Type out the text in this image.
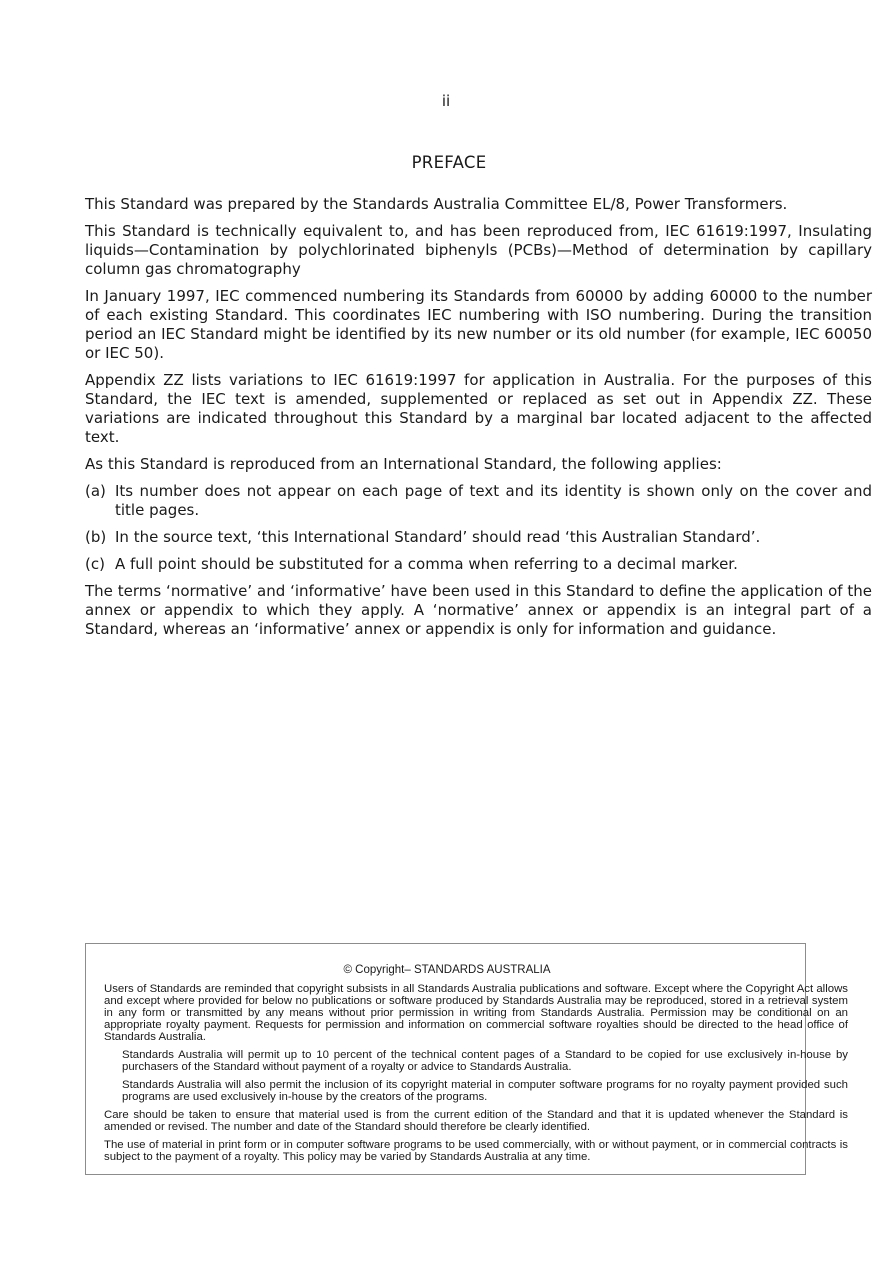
ii
PREFACE

This Standard was prepared by the Standards Australia Committee EL/8, Power Transformers.

This Standard is technically equivalent to, and has been reproduced from, IEC 61619:1997, Insulating liquids—Contamination by polychlorinated biphenyls (PCBs)—Method of determination by capillary column gas chromatography

In January 1997, IEC commenced numbering its Standards from 60000 by adding 60000 to the number of each existing Standard. This coordinates IEC numbering with ISO numbering. During the transition period an IEC Standard might be identified by its new number or its old number (for example, IEC 60050 or IEC 50).

Appendix ZZ lists variations to IEC 61619:1997 for application in Australia. For the purposes of this Standard, the IEC text is amended, supplemented or replaced as set out in Appendix ZZ. These variations are indicated throughout this Standard by a marginal bar located adjacent to the affected text.

As this Standard is reproduced from an International Standard, the following applies:

(a) Its number does not appear on each page of text and its identity is shown only on the cover and title pages.

(b) In the source text, ‘this International Standard’ should read ‘this Australian Standard’.

(c) A full point should be substituted for a comma when referring to a decimal marker.

The terms ‘normative’ and ‘informative’ have been used in this Standard to define the application of the annex or appendix to which they apply. A ‘normative’ annex or appendix is an integral part of a Standard, whereas an ‘informative’ annex or appendix is only for information and guidance.

© Copyright– STANDARDS AUSTRALIA

Users of Standards are reminded that copyright subsists in all Standards Australia publications and software. Except where the Copyright Act allows and except where provided for below no publications or software produced by Standards Australia may be reproduced, stored in a retrieval system in any form or transmitted by any means without prior permission in writing from Standards Australia. Permission may be conditional on an appropriate royalty payment. Requests for permission and information on commercial software royalties should be directed to the head office of Standards Australia.

Standards Australia will permit up to 10 percent of the technical content pages of a Standard to be copied for use exclusively in-house by purchasers of the Standard without payment of a royalty or advice to Standards Australia.

Standards Australia will also permit the inclusion of its copyright material in computer software programs for no royalty payment provided such programs are used exclusively in-house by the creators of the programs.

Care should be taken to ensure that material used is from the current edition of the Standard and that it is updated whenever the Standard is amended or revised. The number and date of the Standard should therefore be clearly identified.

The use of material in print form or in computer software programs to be used commercially, with or without payment, or in commercial contracts is subject to the payment of a royalty. This policy may be varied by Standards Australia at any time.
